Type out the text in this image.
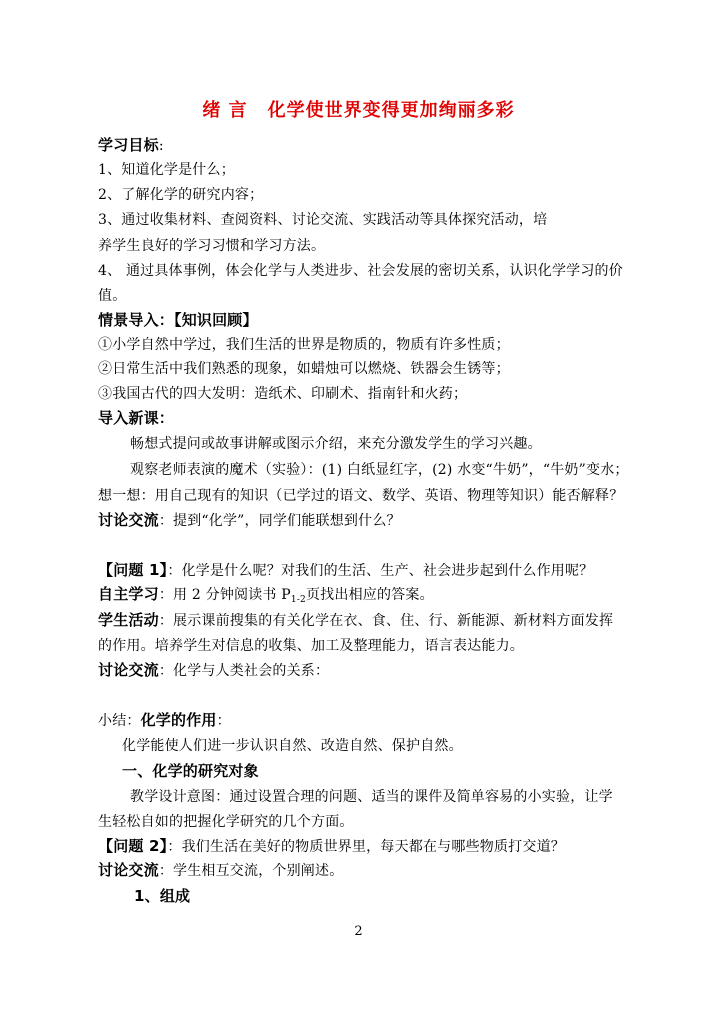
绪 言 化学使世界变得更加绚丽多彩
学习目标:
1、知道化学是什么；
2、了解化学的研究内容；
3、通过收集材料、查阅资料、讨论交流、实践活动等具体探究活动，培
养学生良好的学习习惯和学习方法。
4、 通过具体事例，体会化学与人类进步、社会发展的密切关系，认识化学学习的价
值。
情景导入：【知识回顾】
①小学自然中学过，我们生活的世界是物质的，物质有许多性质；
②日常生活中我们熟悉的现象，如蜡烛可以燃烧、铁器会生锈等；
③我国古代的四大发明：造纸术、印刷术、指南针和火药；
导入新课：
畅想式提问或故事讲解或图示介绍，来充分激发学生的学习兴趣。
观察老师表演的魔术（实验）：(1) 白纸显红字，(2) 水变“牛奶”，“牛奶”变水；
想一想：用自己现有的知识（已学过的语文、数学、英语、物理等知识）能否解释？
讨论交流：提到“化学”，同学们能联想到什么？
【问题 1】：化学是什么呢？对我们的生活、生产、社会进步起到什么作用呢？
自主学习：用 2 分钟阅读书 $P_{1-2}$页找出相应的答案。
学生活动：展示课前搜集的有关化学在衣、食、住、行、新能源、新材料方面发挥
的作用。培养学生对信息的收集、加工及整理能力，语言表达能力。
讨论交流：化学与人类社会的关系：
小结：化学的作用：
化学能使人们进一步认识自然、改造自然、保护自然。
一、化学的研究对象
教学设计意图：通过设置合理的问题、适当的课件及简单容易的小实验，让学
生轻松自如的把握化学研究的几个方面。
【问题 2】：我们生活在美好的物质世界里，每天都在与哪些物质打交道？
讨论交流：学生相互交流，个别阐述。
1、组成
2
